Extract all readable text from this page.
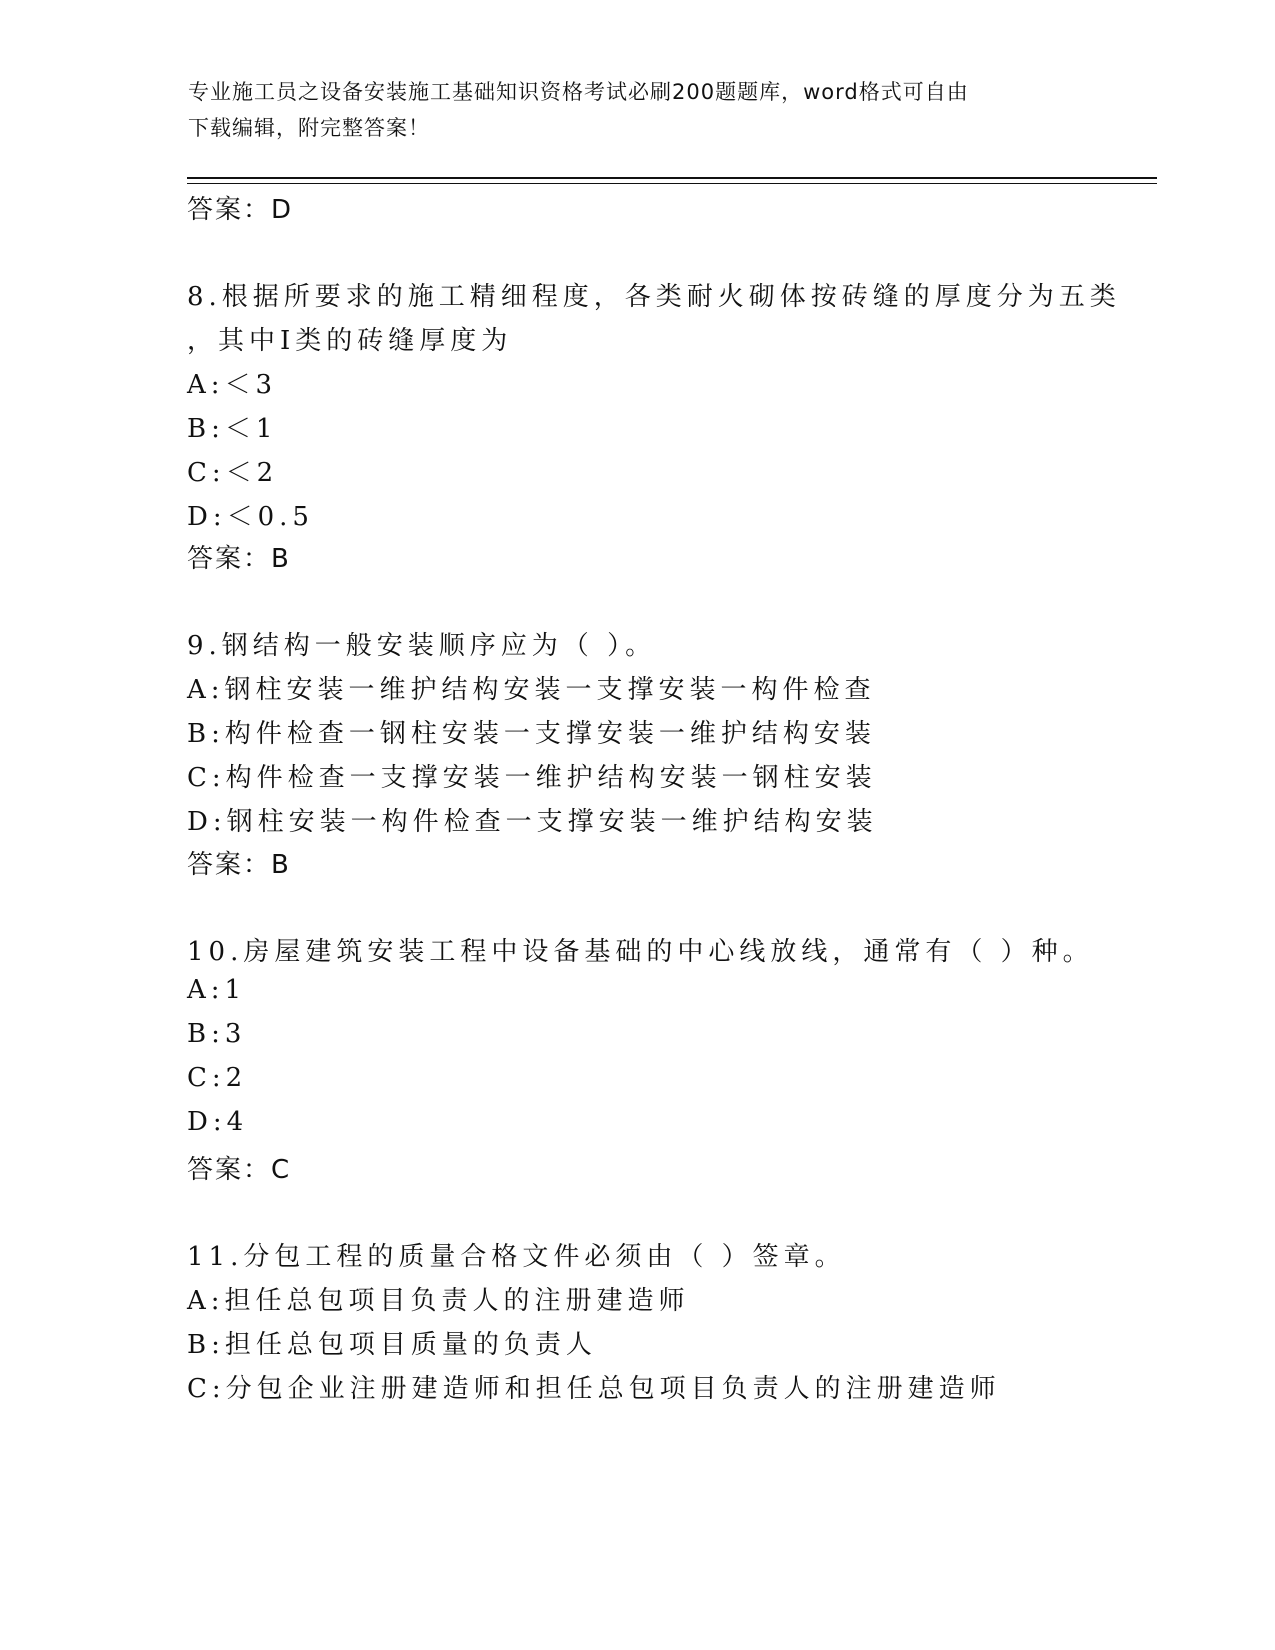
专业施工员之设备安装施工基础知识资格考试必刷200题题库，word格式可自由
下载编辑，附完整答案！
答案：D
8.根据所要求的施工精细程度，各类耐火砌体按砖缝的厚度分为五类
，其中Ⅰ类的砖缝厚度为
A:＜3
B:＜1
C:＜2
D:＜0.5
答案：B
9.钢结构一般安装顺序应为（ ）。
A:钢柱安装一维护结构安装一支撑安装一构件检查
B:构件检查一钢柱安装一支撑安装一维护结构安装
C:构件检查一支撑安装一维护结构安装一钢柱安装
D:钢柱安装一构件检查一支撑安装一维护结构安装
答案：B
10.房屋建筑安装工程中设备基础的中心线放线，通常有（ ）种。
A:1
B:3
C:2
D:4
答案：C
11.分包工程的质量合格文件必须由（ ）签章。
A:担任总包项目负责人的注册建造师
B:担任总包项目质量的负责人
C:分包企业注册建造师和担任总包项目负责人的注册建造师
